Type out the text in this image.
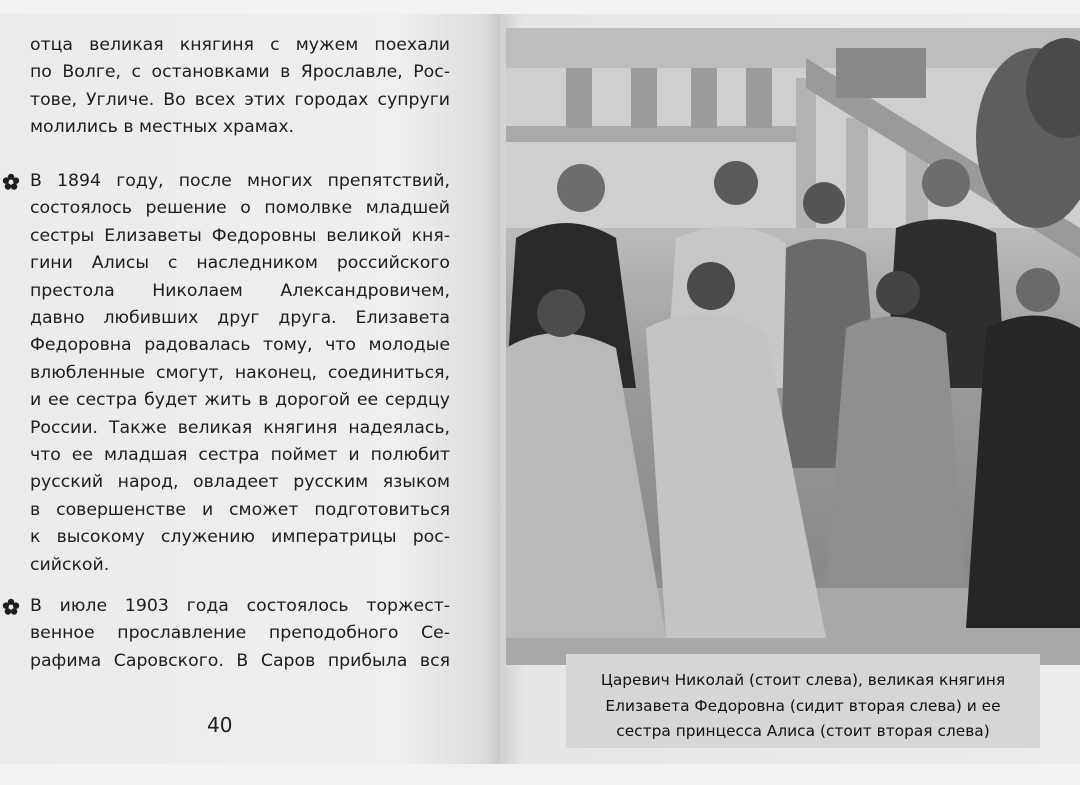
отца великая княгиня с мужем поехали
по Волге, с остановками в Ярославле, Рос-
тове, Угличе. Во всех этих городах супруги
молились в местных храмах.
В 1894 году, после многих препятствий,
состоялось решение о помолвке младшей
сестры Елизаветы Федоровны великой кня-
гини Алисы с наследником российского
престола Николаем Александровичем,
давно любивших друг друга. Елизавета
Федоровна радовалась тому, что молодые
влюбленные смогут, наконец, соединиться,
и ее сестра будет жить в дорогой ее сердцу
России. Также великая княгиня надеялась,
что ее младшая сестра поймет и полюбит
русский народ, овладеет русским языком
в совершенстве и сможет подготовиться
к высокому служению императрицы рос-
сийской.
В июле 1903 года состоялось торжест-
венное прославление преподобного Се-
рафима Саровского. В Саров прибыла вся
40
Царевич Николай (стоит слева), великая княгиня
Елизавета Федоровна (сидит вторая слева) и ее
сестра принцесса Алиса (стоит вторая слева)
